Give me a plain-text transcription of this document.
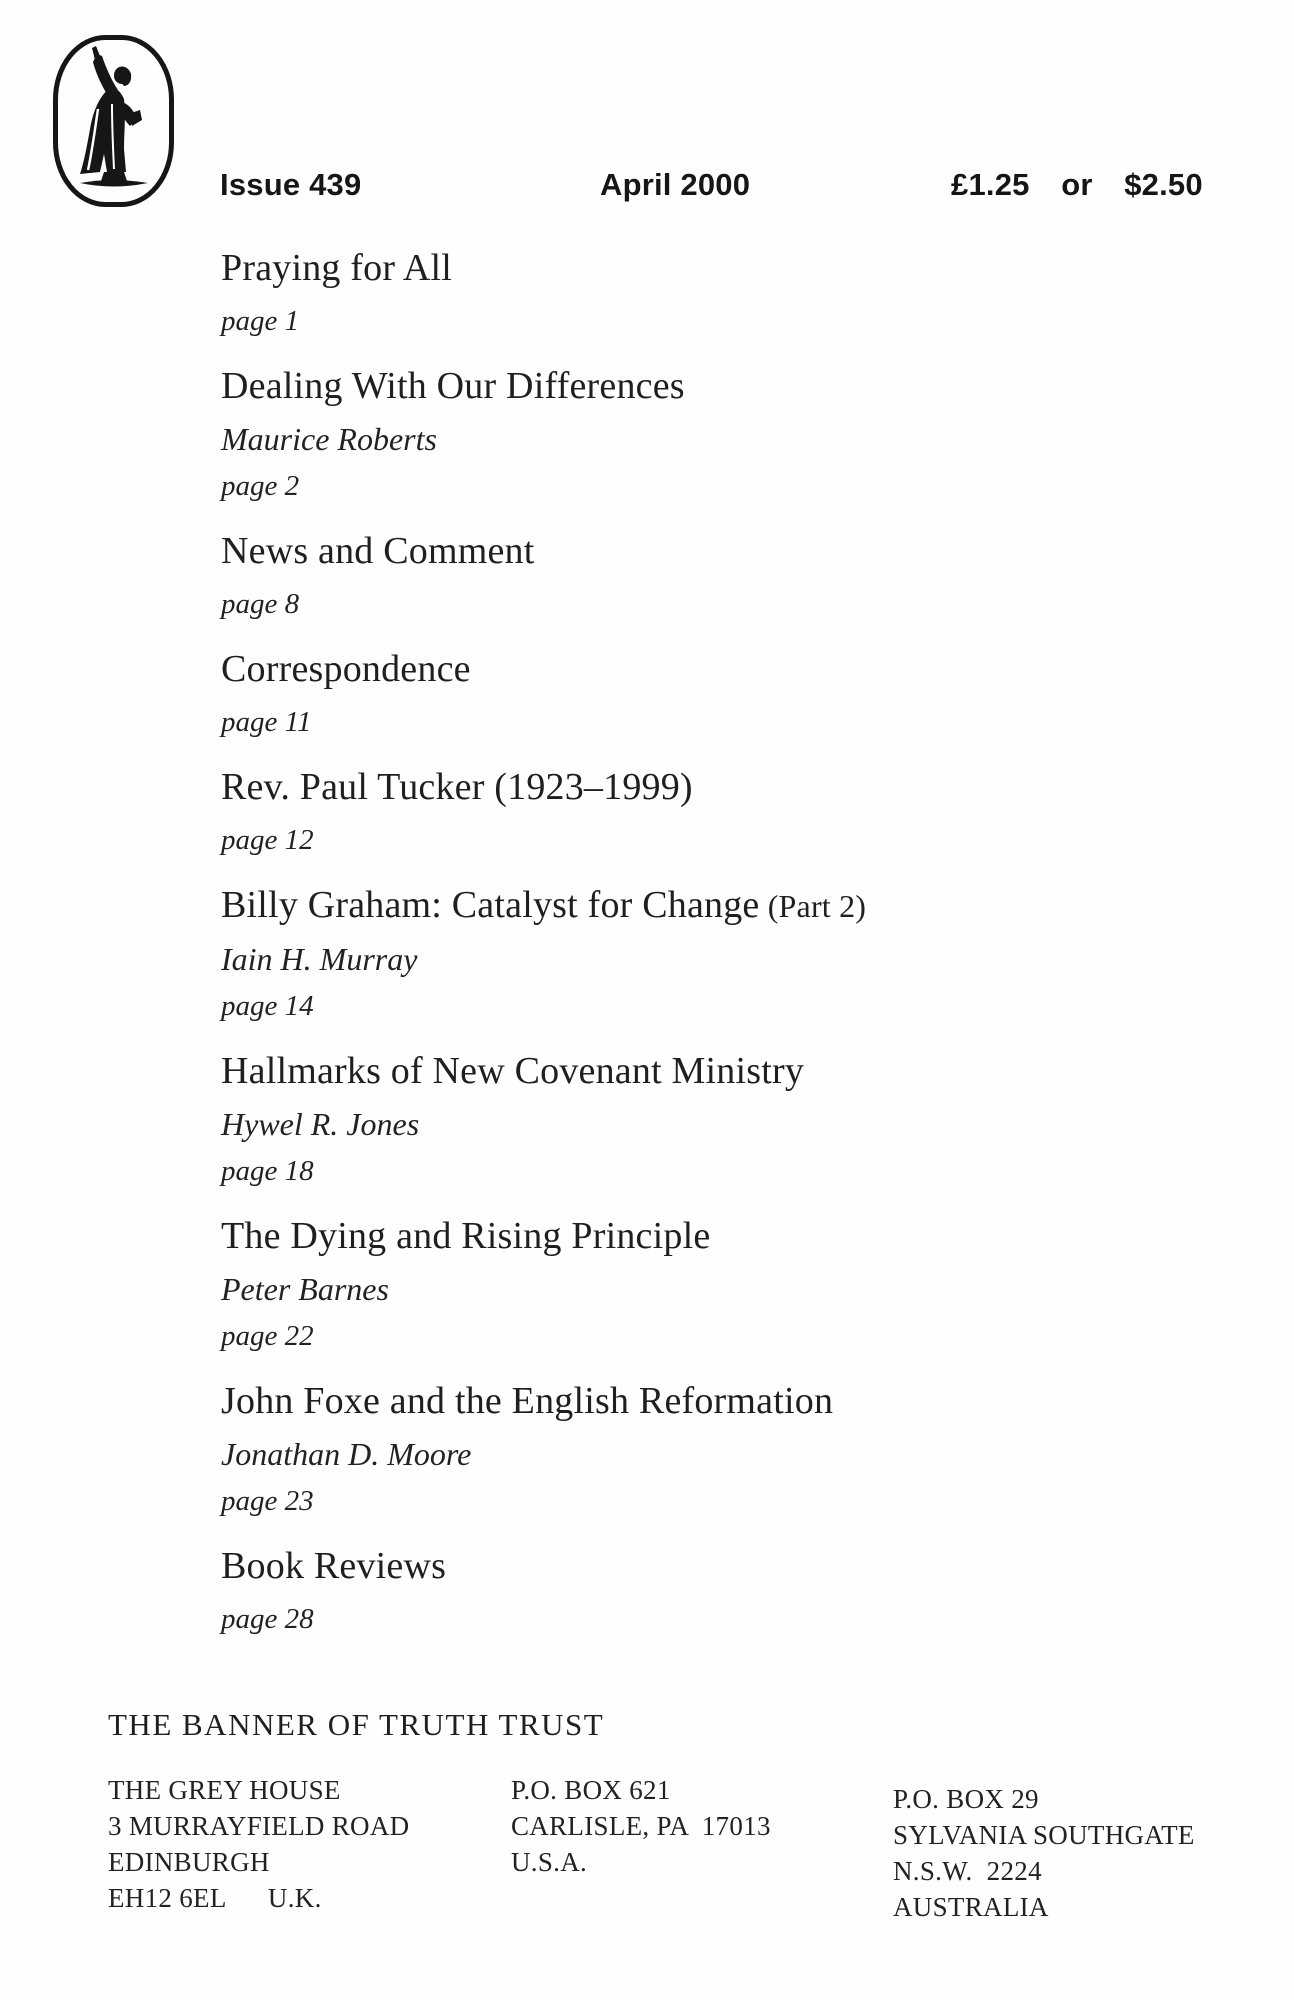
Issue 439	April 2000	£1.25  or  $2.50
Praying for All
page 1
Dealing With Our Differences
Maurice Roberts
page 2
News and Comment
page 8
Correspondence
page 11
Rev. Paul Tucker (1923–1999)
page 12
Billy Graham: Catalyst for Change (Part 2)
Iain H. Murray
page 14
Hallmarks of New Covenant Ministry
Hywel R. Jones
page 18
The Dying and Rising Principle
Peter Barnes
page 22
John Foxe and the English Reformation
Jonathan D. Moore
page 23
Book Reviews
page 28
THE BANNER OF TRUTH TRUST
THE GREY HOUSE
3 MURRAYFIELD ROAD
EDINBURGH
EH12 6EL      U.K.
P.O. BOX 621
CARLISLE, PA  17013
U.S.A.
P.O. BOX 29
SYLVANIA SOUTHGATE
N.S.W.  2224
AUSTRALIA
